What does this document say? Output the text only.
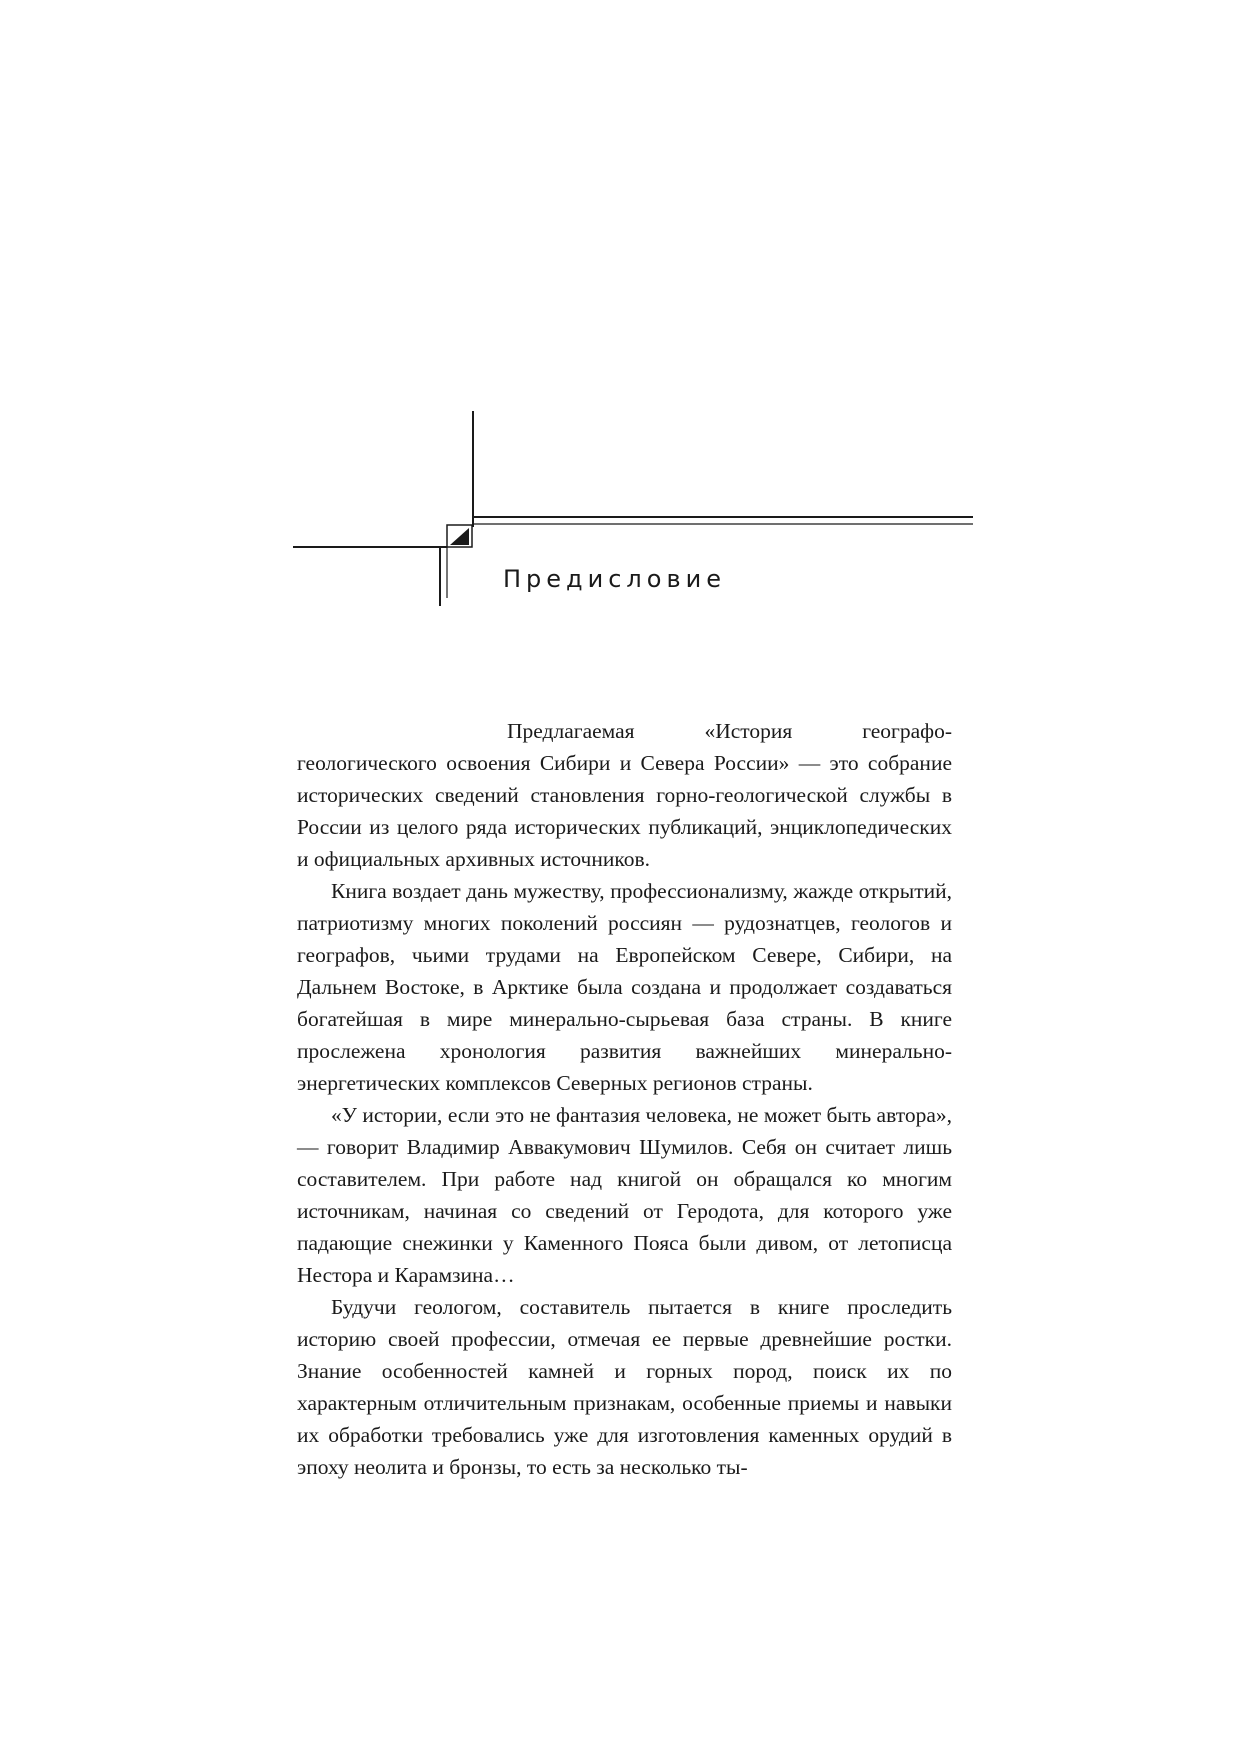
Предисловие

Предлагаемая «История географо-геологического освоения Сибири и Севера России» — это собрание исторических сведений становления горно-геологической службы в России из целого ряда исторических публикаций, энциклопедических и официальных архивных источников.

Книга воздает дань мужеству, профессионализму, жажде открытий, патриотизму многих поколений россиян — рудознатцев, геологов и географов, чьими трудами на Европейском Севере, Сибири, на Дальнем Востоке, в Арктике была создана и продолжает создаваться богатейшая в мире минерально-сырьевая база страны. В книге прослежена хронология развития важнейших минерально-энергетических комплексов Северных регионов страны.

«У истории, если это не фантазия человека, не может быть автора», — говорит Владимир Аввакумович Шумилов. Себя он считает лишь составителем. При работе над книгой он обращался ко многим источникам, начиная со сведений от Геродота, для которого уже падающие снежинки у Каменного Пояса были дивом, от летописца Нестора и Карамзина…

Будучи геологом, составитель пытается в книге проследить историю своей профессии, отмечая ее первые древнейшие ростки. Знание особенностей камней и горных пород, поиск их по характерным отличительным признакам, особенные приемы и навыки их обработки требовались уже для изготовления каменных орудий в эпоху неолита и бронзы, то есть за несколько ты-
